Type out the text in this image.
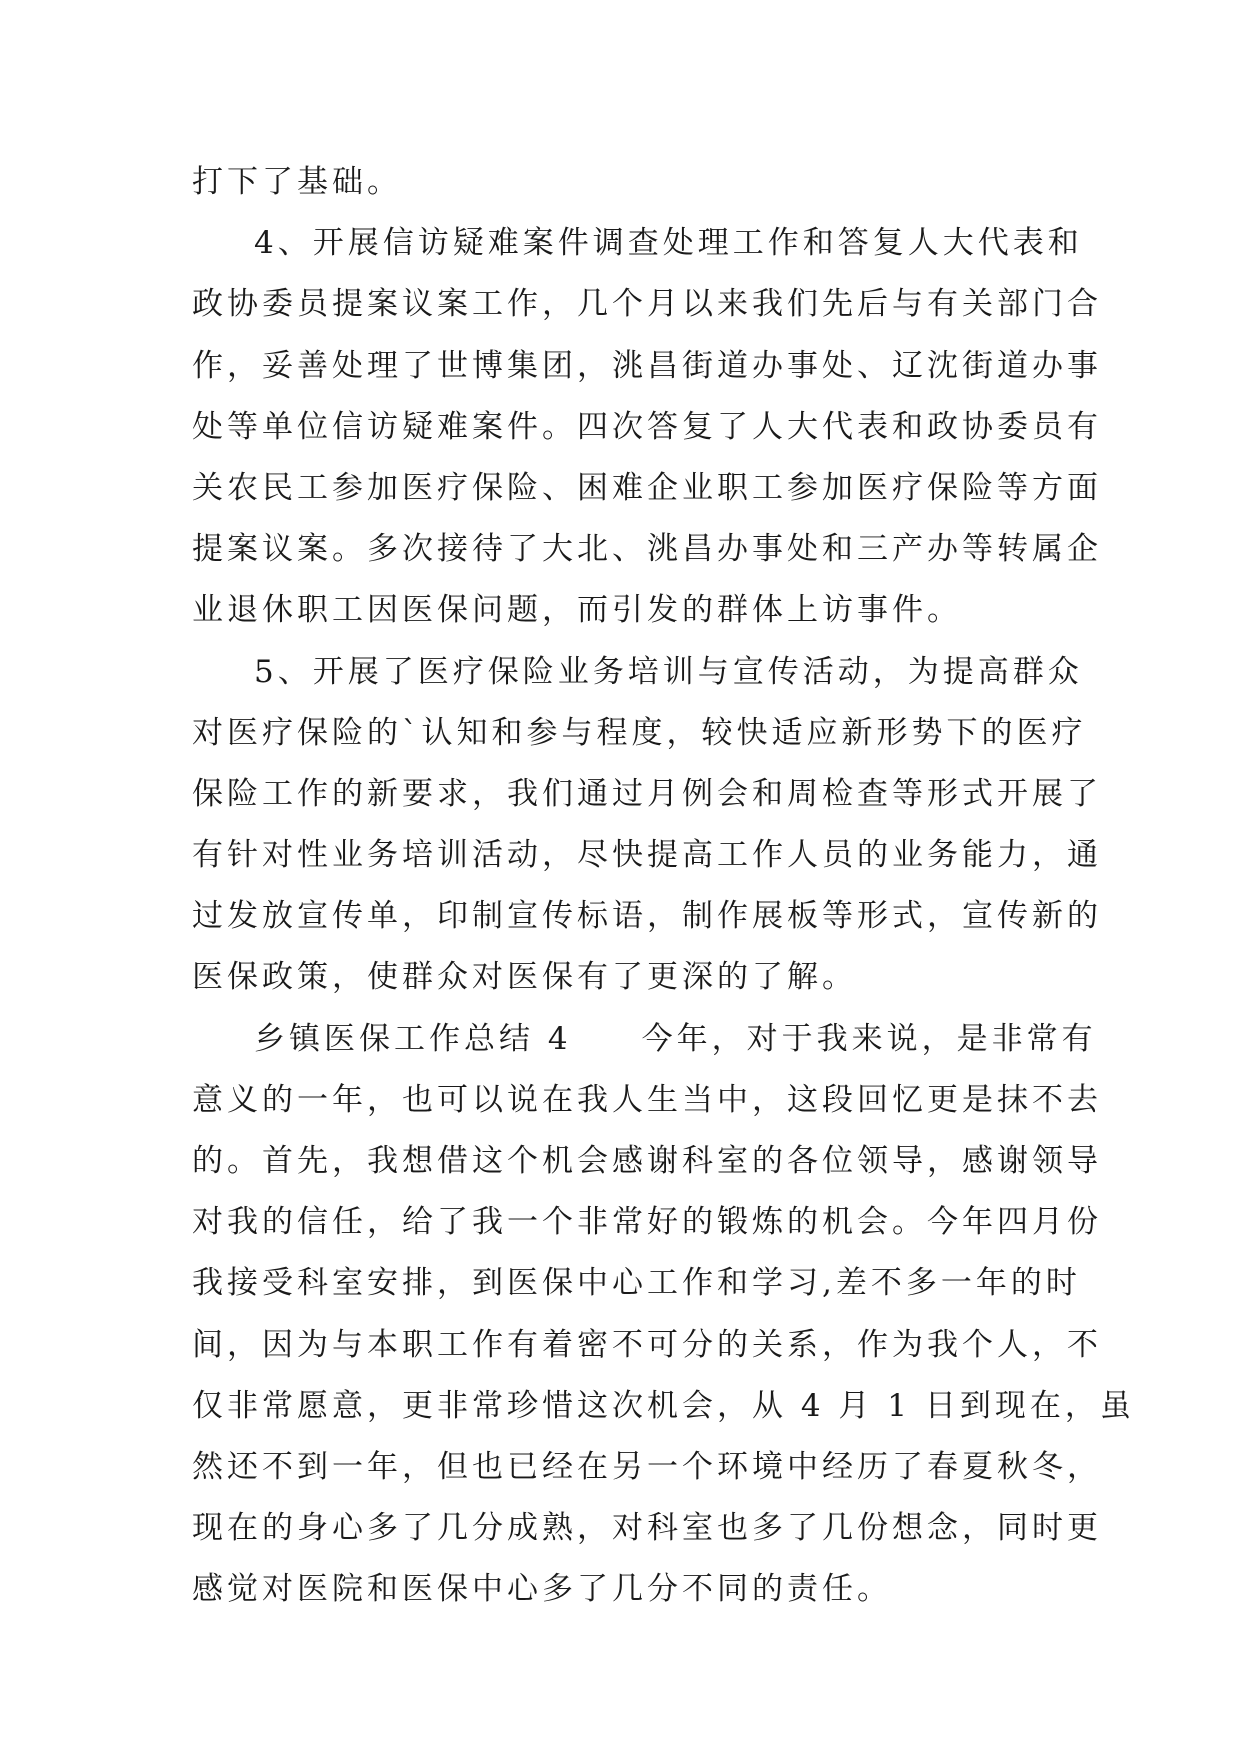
打下了基础。
4、开展信访疑难案件调查处理工作和答复人大代表和
政协委员提案议案工作，几个月以来我们先后与有关部门合
作，妥善处理了世博集团，洮昌街道办事处、辽沈街道办事
处等单位信访疑难案件。四次答复了人大代表和政协委员有
关农民工参加医疗保险、困难企业职工参加医疗保险等方面
提案议案。多次接待了大北、洮昌办事处和三产办等转属企
业退休职工因医保问题，而引发的群体上访事件。
5、开展了医疗保险业务培训与宣传活动，为提高群众
对医疗保险的`认知和参与程度，较快适应新形势下的医疗
保险工作的新要求，我们通过月例会和周检查等形式开展了
有针对性业务培训活动，尽快提高工作人员的业务能力，通
过发放宣传单，印制宣传标语，制作展板等形式，宣传新的
医保政策，使群众对医保有了更深的了解。
乡镇医保工作总结 4　　今年，对于我来说，是非常有
意义的一年，也可以说在我人生当中，这段回忆更是抹不去
的。首先，我想借这个机会感谢科室的各位领导，感谢领导
对我的信任，给了我一个非常好的锻炼的机会。今年四月份
我接受科室安排，到医保中心工作和学习,差不多一年的时
间，因为与本职工作有着密不可分的关系，作为我个人，不
仅非常愿意，更非常珍惜这次机会，从 4 月 1 日到现在，虽
然还不到一年，但也已经在另一个环境中经历了春夏秋冬，
现在的身心多了几分成熟，对科室也多了几份想念，同时更
感觉对医院和医保中心多了几分不同的责任。
